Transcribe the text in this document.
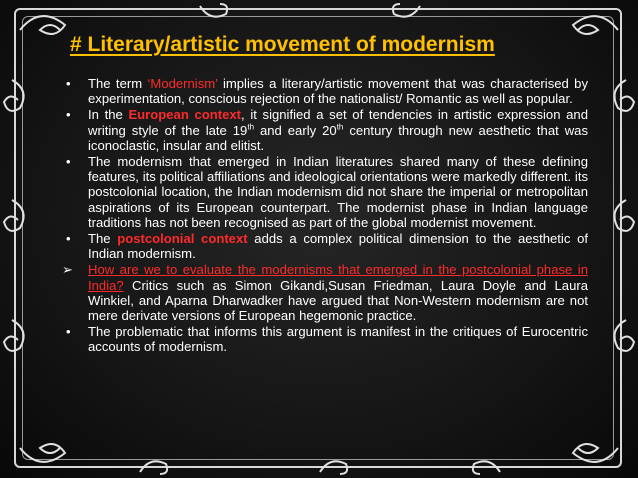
# Literary/artistic movement of modernism
• The term ‘Modernism’ implies a literary/artistic movement that was characterised by experimentation, conscious rejection of the nationalist/ Romantic as well as popular.
• In the European context, it signified a set of tendencies in artistic expression and writing style of the late 19th and early 20th century through new aesthetic that was iconoclastic, insular and elitist.
• The modernism that emerged in Indian literatures shared many of these defining features, its political affiliations and ideological orientations were markedly different. its postcolonial location, the Indian modernism did not share the imperial or metropolitan aspirations of its European counterpart. The modernist phase in Indian language traditions has not been recognised as part of the global modernist movement.
• The postcolonial context adds a complex political dimension to the aesthetic of Indian modernism.
➢ How are we to evaluate the modernisms that emerged in the postcolonial phase in India? Critics such as Simon Gikandi,Susan Friedman, Laura Doyle and Laura Winkiel, and Aparna Dharwadker have argued that Non-Western modernism are not mere derivate versions of European hegemonic practice.
• The problematic that informs this argument is manifest in the critiques of Eurocentric accounts of modernism.
